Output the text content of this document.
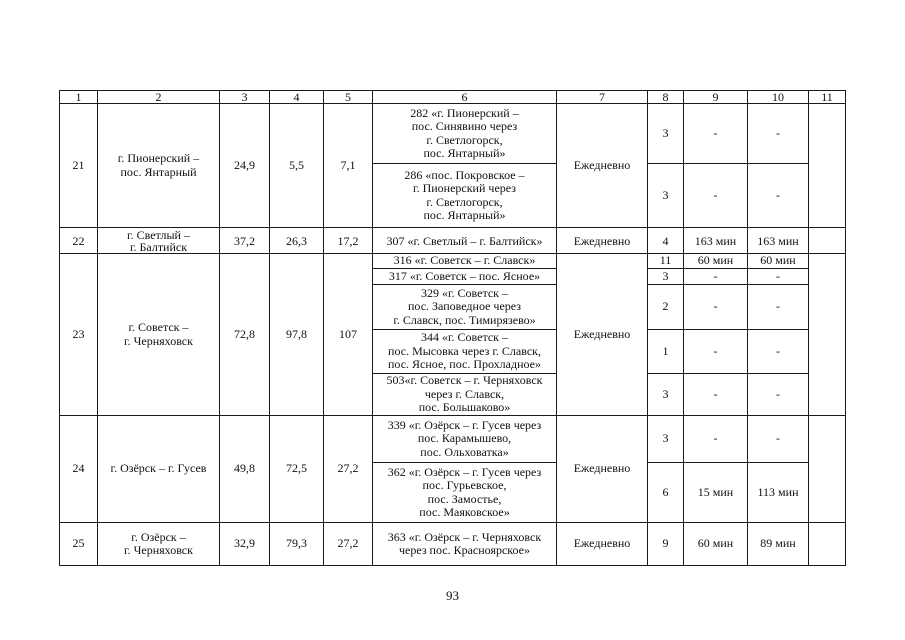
1	2	3	4	5	6	7	8	9	10	11
21	г. Пионерский –
пос. Янтарный	24,9	5,5	7,1	282 «г. Пионерский –
пос. Синявино через
г. Светлогорск,
пос. Янтарный»	Ежедневно	3	-	-	
					286 «пос. Покровское –
г. Пионерский через
г. Светлогорск,
пос. Янтарный»		3	-	-	
22	г. Светлый –
г. Балтийск	37,2	26,3	17,2	307 «г. Светлый – г. Балтийск»	Ежедневно	4	163 мин	163 мин	
23	г. Советск –
г. Черняховск	72,8	97,8	107	316 «г. Советск – г. Славск»	Ежедневно	11	60 мин	60 мин	
					317 «г. Советск – пос. Ясное»		3	-	-	
					329 «г. Советск –
пос. Заповедное через
г. Славск, пос. Тимирязево»		2	-	-	
					344 «г. Советск –
пос. Мысовка через г. Славск,
пос. Ясное, пос. Прохладное»		1	-	-	
					503«г. Советск – г. Черняховск
через г. Славск,
пос. Большаково»		3	-	-	
24	г. Озёрск – г. Гусев	49,8	72,5	27,2	339 «г. Озёрск – г. Гусев через
пос. Карамышево,
пос. Ольховатка»	Ежедневно	3	-	-	
					362 «г. Озёрск – г. Гусев через
пос. Гурьевское,
пос. Замостье,
пос. Маяковское»		6	15 мин	113 мин	
25	г. Озёрск –
г. Черняховск	32,9	79,3	27,2	363 «г. Озёрск – г. Черняховск
через пос. Красноярское»	Ежедневно	9	60 мин	89 мин	
93
